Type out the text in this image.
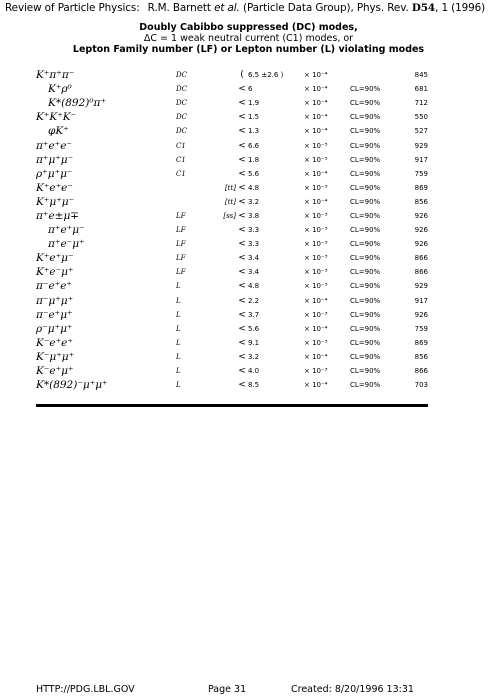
Review of Particle Physics: R.M. Barnett et al. (Particle Data Group), Phys. Rev. D54, 1 (1996)
Doubly Cabibbo suppressed (DC) modes,
ΔC = 1 weak neutral current (C1) modes, or
Lepton Family number (LF) or Lepton number (L) violating modes
K⁺π⁺π⁻	DC		(	6.5 ±2.6 )	× 10⁻⁴		845
K⁺ρ⁰	DC		<	6	× 10⁻⁴	CL=90%	681
K*(892)⁰π⁺	DC		<	1.9	× 10⁻⁴	CL=90%	712
K⁺K⁺K⁻	DC		<	1.5	× 10⁻⁴	CL=90%	550
φK⁺	DC		<	1.3	× 10⁻⁴	CL=90%	527
π⁺e⁺e⁻	C1		<	6.6	× 10⁻⁵	CL=90%	929
π⁺μ⁺μ⁻	C1		<	1.8	× 10⁻⁵	CL=90%	917
ρ⁺μ⁺μ⁻	C1		<	5.6	× 10⁻⁴	CL=90%	759
K⁺e⁺e⁻		[tt]	<	4.8	× 10⁻³	CL=90%	869
K⁺μ⁺μ⁻		[tt]	<	3.2	× 10⁻⁴	CL=90%	856
π⁺e±μ∓	LF	[ss]	<	3.8	× 10⁻³	CL=90%	926
π⁺e⁺μ⁻	LF		<	3.3	× 10⁻³	CL=90%	926
π⁺e⁻μ⁺	LF		<	3.3	× 10⁻³	CL=90%	926
K⁺e⁺μ⁻	LF		<	3.4	× 10⁻³	CL=90%	866
K⁺e⁻μ⁺	LF		<	3.4	× 10⁻³	CL=90%	866
π⁻e⁺e⁺	L		<	4.8	× 10⁻³	CL=90%	929
π⁻μ⁺μ⁺	L		<	2.2	× 10⁻⁴	CL=90%	917
π⁻e⁺μ⁺	L		<	3.7	× 10⁻³	CL=90%	926
ρ⁻μ⁺μ⁺	L		<	5.6	× 10⁻⁴	CL=90%	759
K⁻e⁺e⁺	L		<	9.1	× 10⁻³	CL=90%	869
K⁻μ⁺μ⁺	L		<	3.2	× 10⁻⁴	CL=90%	856
K⁻e⁺μ⁺	L		<	4.0	× 10⁻³	CL=90%	866
K*(892)⁻μ⁺μ⁺	L		<	8.5	× 10⁻⁴	CL=90%	703
HTTP://PDG.LBL.GOV	Page 31	Created: 8/20/1996 13:31
